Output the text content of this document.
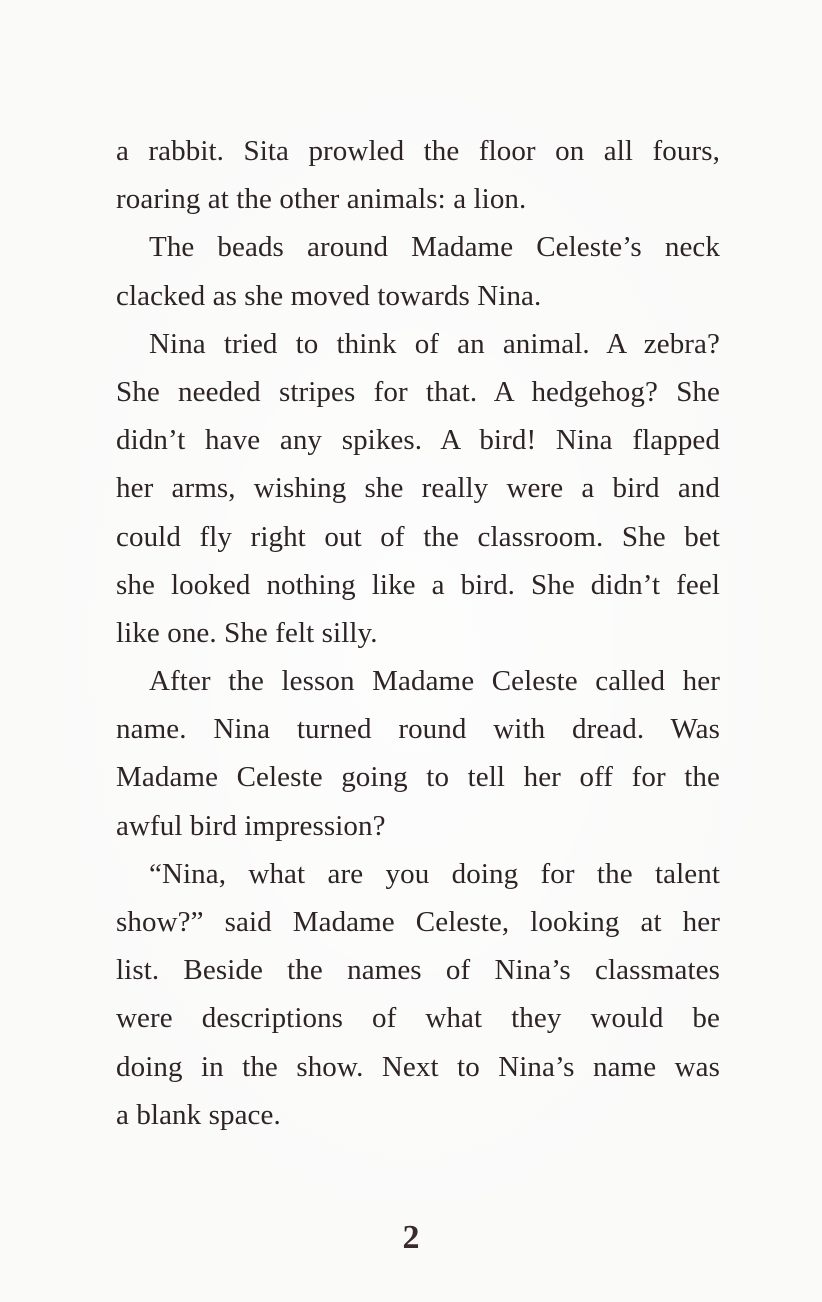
a rabbit. Sita prowled the floor on all fours,
roaring at the other animals: a lion.
The beads around Madame Celeste’s neck
clacked as she moved towards Nina.
Nina tried to think of an animal. A zebra?
She needed stripes for that. A hedgehog? She
didn’t have any spikes. A bird! Nina flapped
her arms, wishing she really were a bird and
could fly right out of the classroom. She bet
she looked nothing like a bird. She didn’t feel
like one. She felt silly.
After the lesson Madame Celeste called her
name. Nina turned round with dread. Was
Madame Celeste going to tell her off for the
awful bird impression?
“Nina, what are you doing for the talent
show?” said Madame Celeste, looking at her
list. Beside the names of Nina’s classmates
were descriptions of what they would be
doing in the show. Next to Nina’s name was
a blank space.
2
